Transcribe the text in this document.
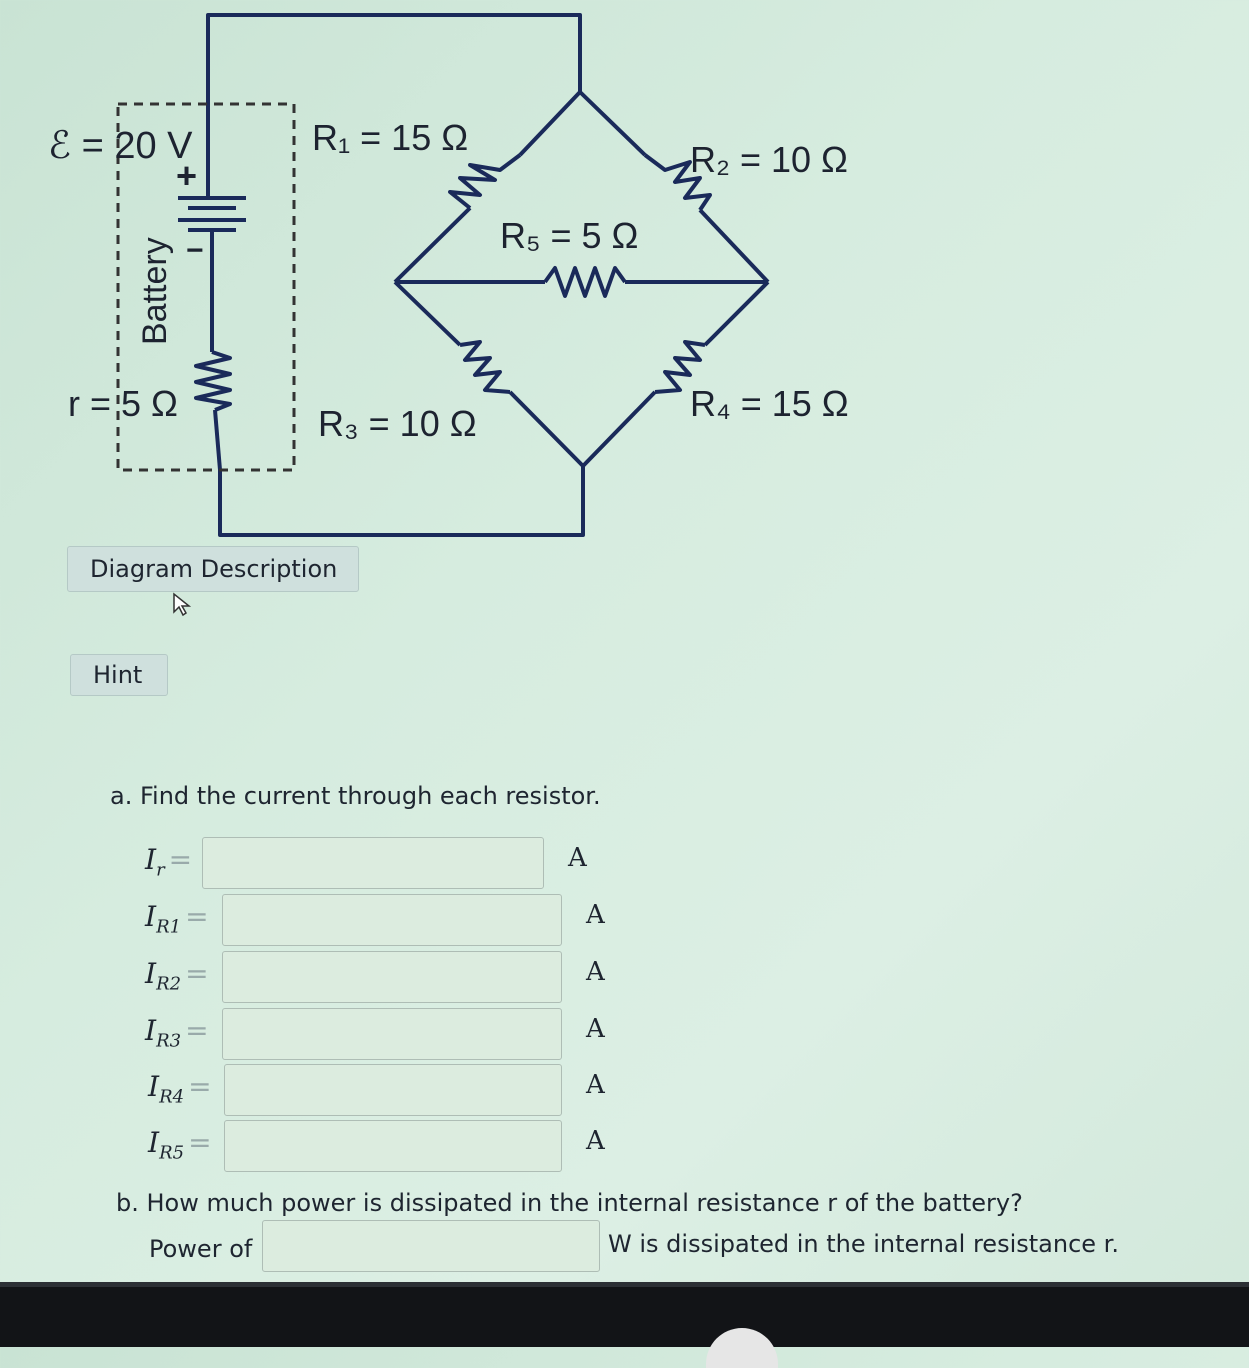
ℰ = 20 V
+
−
Battery
r = 5 Ω
R₁ = 15 Ω
R₂ = 10 Ω
R₅ = 5 Ω
R₃ = 10 Ω	R₄ = 15 Ω
Diagram Description
Hint
a. Find the current through each resistor.
$I_r$ =	A
$I_{R1}$ =	A
$I_{R2}$ =	A
$I_{R3}$ =	A
$I_{R4}$ =	A
$I_{R5}$ =	A
b. How much power is dissipated in the internal resistance r of the battery?
Power of	W is dissipated in the internal resistance r.
